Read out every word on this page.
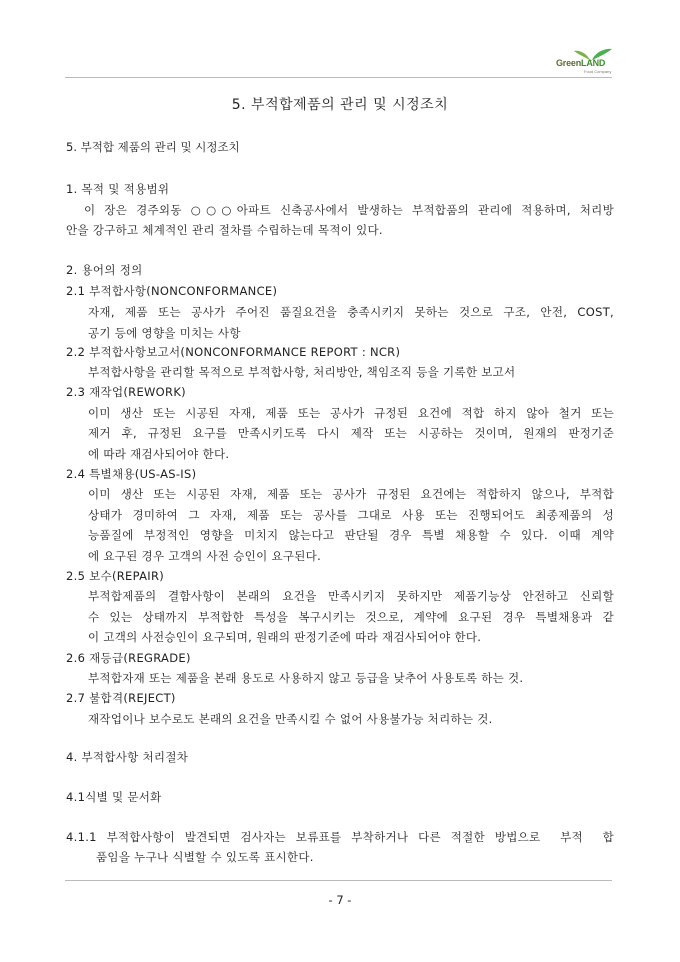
GreenLAND
Food Company
5. 부적합제품의 관리 및 시정조치
5. 부적합 제품의 관리 및 시정조치
1. 목적 및 적용범위
이 장은 경주외동 ○○○아파트 신축공사에서 발생하는 부적합품의 관리에 적용하며, 처리방
안을 강구하고 체계적인 관리 절차를 수립하는데 목적이 있다.
2. 용어의 정의
2.1 부적합사항(NONCONFORMANCE)
자재, 제품 또는 공사가 주어진 품질요건을 충족시키지 못하는 것으로 구조, 안전, COST,
공기 등에 영향을 미치는 사항
2.2 부적합사항보고서(NONCONFORMANCE REPORT : NCR)
부적합사항을 관리할 목적으로 부적합사항, 처리방안, 책임조직 등을 기록한 보고서
2.3 재작업(REWORK)
이미 생산 또는 시공된 자재, 제품 또는 공사가 규정된 요건에 적합 하지 않아 철거 또는
제거 후, 규정된 요구를 만족시키도록 다시 제작 또는 시공하는 것이며, 원재의 판정기준
에 따라 재검사되어야 한다.
2.4 특별채용(US-AS-IS)
이미 생산 또는 시공된 자재, 제품 또는 공사가 규정된 요건에는 적합하지 않으나, 부적합
상태가 경미하여 그 자재, 제품 또는 공사를 그대로 사용 또는 진행되어도 최종제품의 성
능품질에 부정적인 영향을 미치지 않는다고 판단될 경우 특별 채용할 수 있다. 이때 계약
에 요구된 경우 고객의 사전 승인이 요구된다.
2.5 보수(REPAIR)
부적합제품의 결함사항이 본래의 요건을 만족시키지 못하지만 제품기능상 안전하고 신뢰할
수 있는 상태까지 부적합한 특성을 복구시키는 것으로, 계약에 요구된 경우 특별채용과 같
이 고객의 사전승인이 요구되며, 원래의 판정기준에 따라 재검사되어야 한다.
2.6 재등급(REGRADE)
부적합자재 또는 제품을 본래 용도로 사용하지 않고 등급을 낮추어 사용토록 하는 것.
2.7 불합격(REJECT)
재작업이나 보수로도 본래의 요건을 만족시킬 수 없어 사용불가능 처리하는 것.
4. 부적합사항 처리절차
4.1식별 및 문서화
4.1.1 부적합사항이 발견되면 검사자는 보류표를 부착하거나 다른 적절한 방법으로  부적  합
품임을 누구나 식별할 수 있도록 표시한다.
- 7 -
